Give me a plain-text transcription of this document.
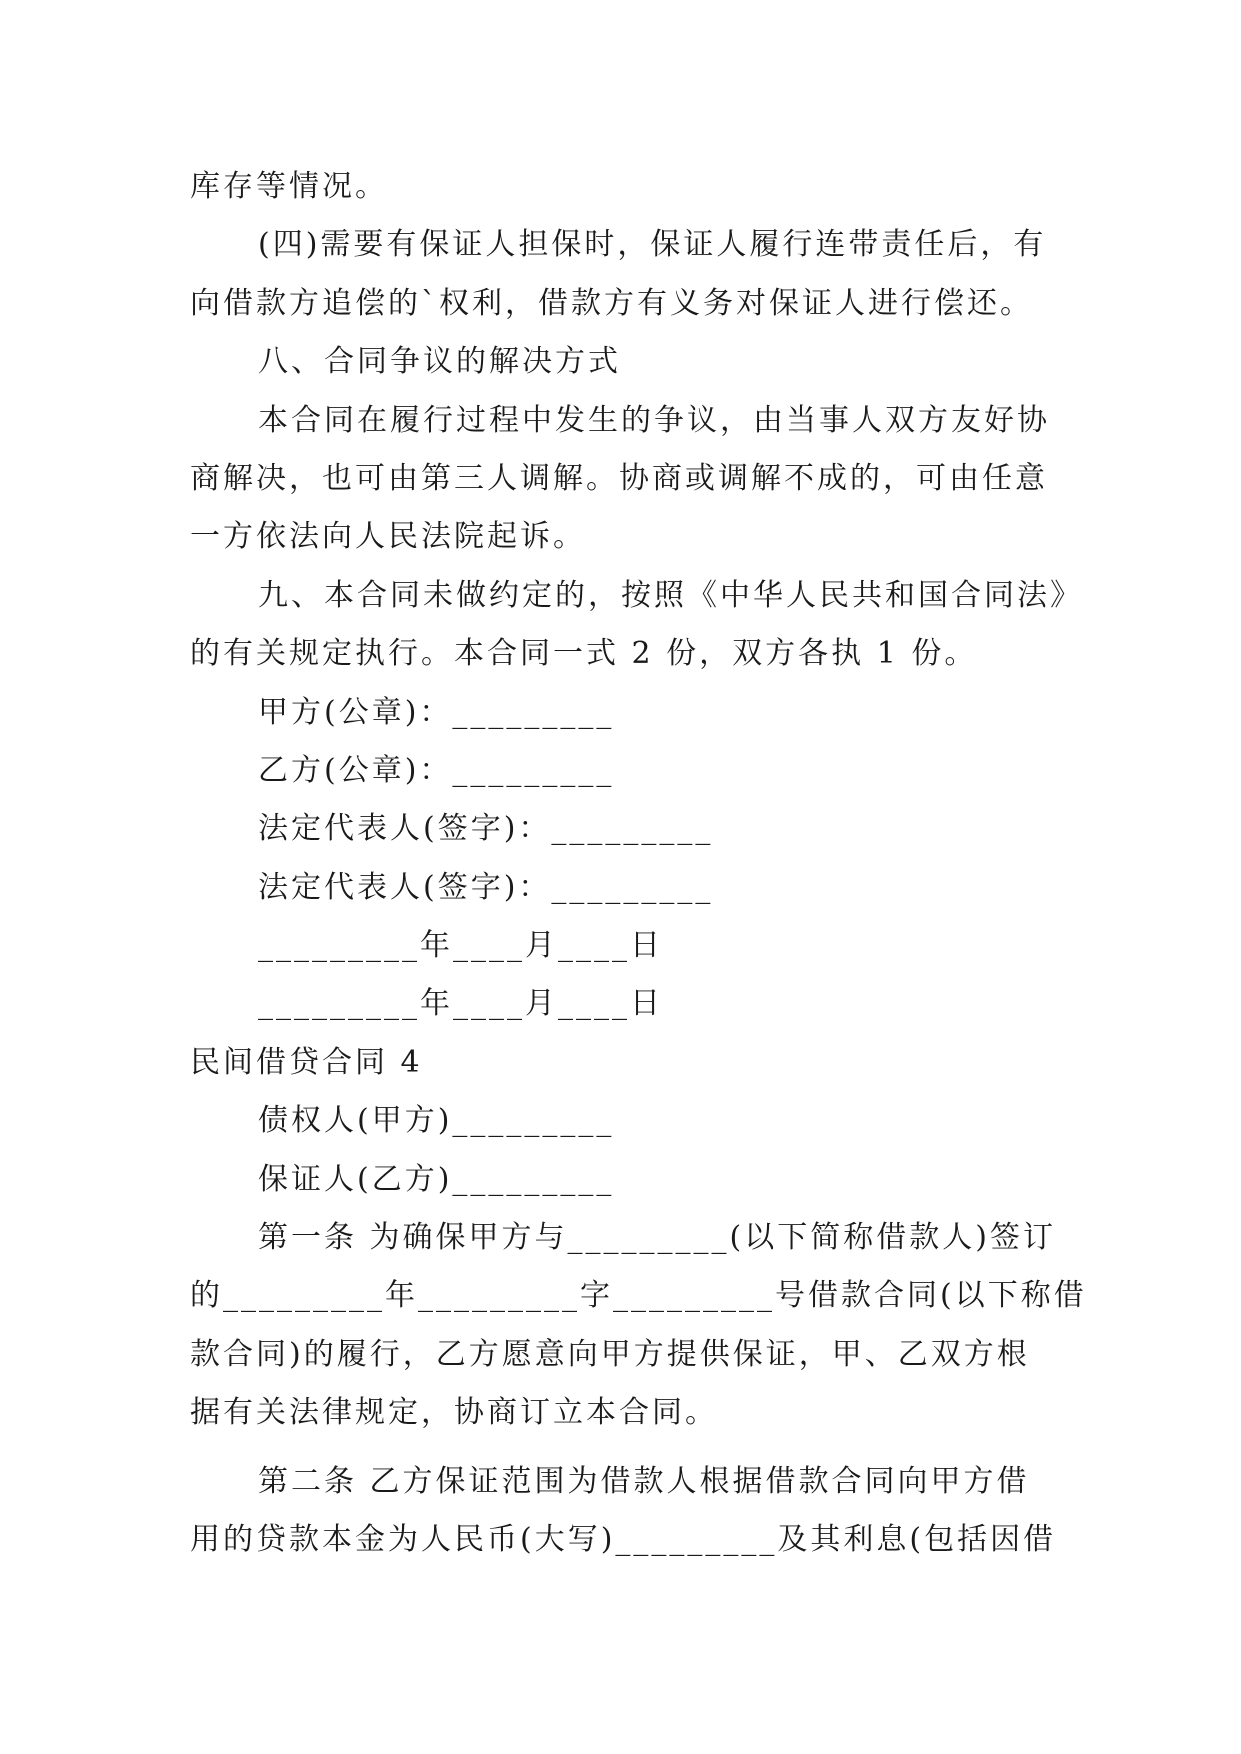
库存等情况。
(四)需要有保证人担保时，保证人履行连带责任后，有
向借款方追偿的`权利，借款方有义务对保证人进行偿还。
八、合同争议的解决方式
本合同在履行过程中发生的争议，由当事人双方友好协
商解决，也可由第三人调解。协商或调解不成的，可由任意
一方依法向人民法院起诉。
九、本合同未做约定的，按照《中华人民共和国合同法》
的有关规定执行。本合同一式 2 份，双方各执 1 份。
甲方(公章)：_________
乙方(公章)：_________
法定代表人(签字)：_________
法定代表人(签字)：_________
_________年____月____日
_________年____月____日
民间借贷合同 4
债权人(甲方)_________
保证人(乙方)_________
第一条 为确保甲方与_________(以下简称借款人)签订
的_________年_________字_________号借款合同(以下称借
款合同)的履行，乙方愿意向甲方提供保证，甲、乙双方根
据有关法律规定，协商订立本合同。
第二条 乙方保证范围为借款人根据借款合同向甲方借
用的贷款本金为人民币(大写)_________及其利息(包括因借
